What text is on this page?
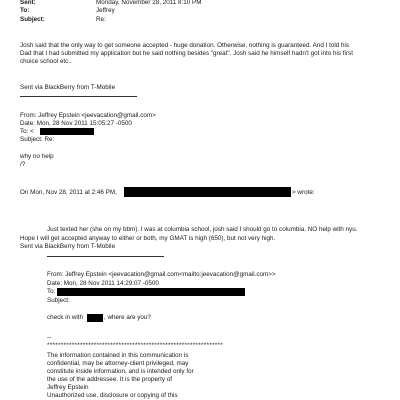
Sent:	Monday, November 28, 2011 8:10 PM
To:	Jeffrey
Subject:	Re:
Josh said that the only way to get someone accepted - huge donation. Otherwise, nothing is guaranteed. And I told his
Dad that I had submitted my application but he said nothing besides "great". Josh said he himself hadn't got into his first
choice school etc..
Sent via BlackBerry from T-Mobile
From: Jeffrey Epstein <jeevacation@gmail.com>
Date: Mon, 28 Nov 2011 15:05:27 -0500
To: <
Subject: Re:
why no help
/?
On Mon, Nov 28, 2011 at 2:46 PM,	> wrote:
Just texted her (she on my bbm). I was at columbia school, josh said I should go to columbia. NO help with nyu.
Hope I will get accepted anyway to either or both, my GMAT is high (650), but not very high.
Sent via BlackBerry from T-Mobile
From: Jeffrey Epstein <jeevacation@gmail.com<mailto:jeevacation@gmail.com>>
Date: Mon, 28 Nov 2011 14:29:07 -0500
To:
Subject:
check in with	, where are you?
--
****************************************************************
The information contained in this communication is
confidential, may be attorney-client privileged, may
constitute inside information, and is intended only for
the use of the addressee. It is the property of
Jeffrey Epstein
Unauthorized use, disclosure or copying of this
